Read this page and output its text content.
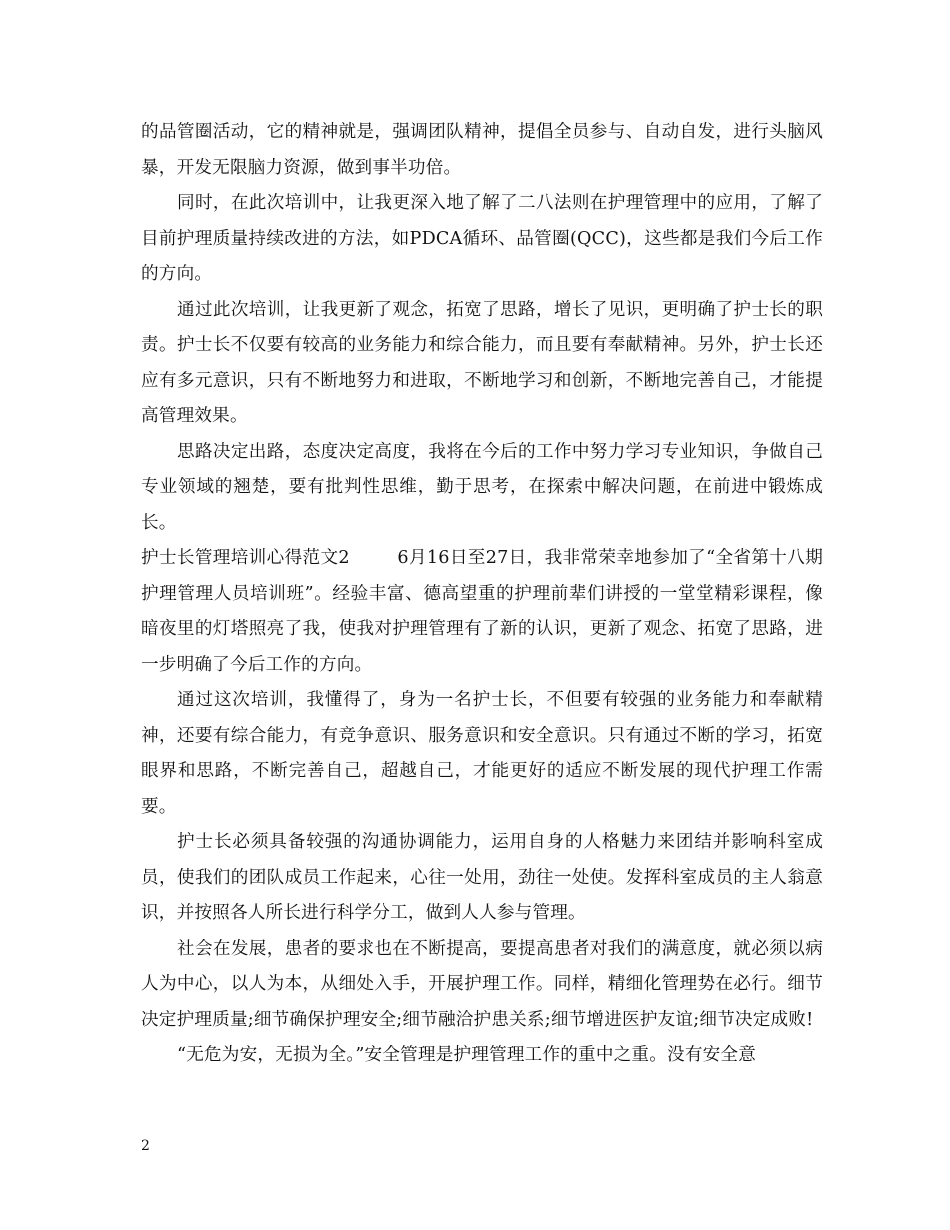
的品管圈活动，它的精神就是，强调团队精神，提倡全员参与、自动自发，进行头脑风暴，开发无限脑力资源，做到事半功倍。

同时，在此次培训中，让我更深入地了解了二八法则在护理管理中的应用，了解了目前护理质量持续改进的方法，如PDCA循环、品管圈(QCC)，这些都是我们今后工作的方向。

通过此次培训，让我更新了观念，拓宽了思路，增长了见识，更明确了护士长的职责。护士长不仅要有较高的业务能力和综合能力，而且要有奉献精神。另外，护士长还应有多元意识，只有不断地努力和进取，不断地学习和创新，不断地完善自己，才能提高管理效果。

思路决定出路，态度决定高度，我将在今后的工作中努力学习专业知识，争做自己专业领域的翘楚，要有批判性思维，勤于思考，在探索中解决问题，在前进中锻炼成长。

护士长管理培训心得范文2	6月16日至27日，我非常荣幸地参加了“全省第十八期护理管理人员培训班”。经验丰富、德高望重的护理前辈们讲授的一堂堂精彩课程，像暗夜里的灯塔照亮了我，使我对护理管理有了新的认识，更新了观念、拓宽了思路，进一步明确了今后工作的方向。

通过这次培训，我懂得了，身为一名护士长，不但要有较强的业务能力和奉献精神，还要有综合能力，有竞争意识、服务意识和安全意识。只有通过不断的学习，拓宽眼界和思路，不断完善自己，超越自己，才能更好的适应不断发展的现代护理工作需要。

护士长必须具备较强的沟通协调能力，运用自身的人格魅力来团结并影响科室成员，使我们的团队成员工作起来，心往一处用，劲往一处使。发挥科室成员的主人翁意识，并按照各人所长进行科学分工，做到人人参与管理。

社会在发展，患者的要求也在不断提高，要提高患者对我们的满意度，就必须以病人为中心，以人为本，从细处入手，开展护理工作。同样，精细化管理势在必行。细节决定护理质量;细节确保护理安全;细节融洽护患关系;细节增进医护友谊;细节决定成败!

“无危为安，无损为全。”安全管理是护理管理工作的重中之重。没有安全意

2
